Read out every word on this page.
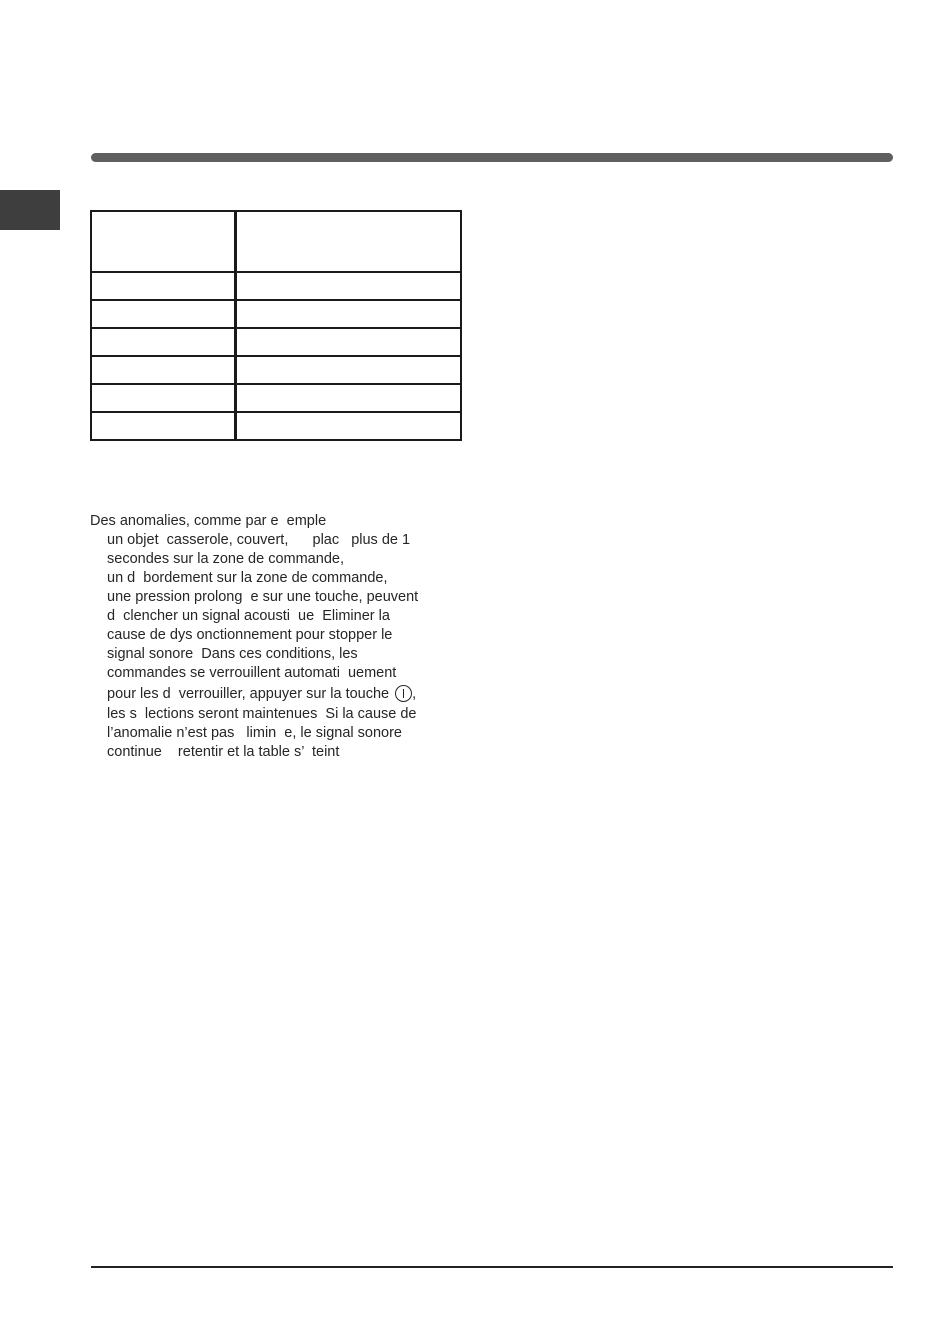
Des anomalies, comme par e  emple
un objet  casserole, couvert,      plac   plus de 1
secondes sur la zone de commande,
un d  bordement sur la zone de commande,
une pression prolong  e sur une touche, peuvent
d  clencher un signal acousti  ue  Eliminer la
cause de dys onctionnement pour stopper le
signal sonore  Dans ces conditions, les
commandes se verrouillent automati  uement
pour les d  verrouiller, appuyer sur la touche ,
les s  lections seront maintenues  Si la cause de
l’anomalie n’est pas   limin  e, le signal sonore
continue    retentir et la table s’  teint
